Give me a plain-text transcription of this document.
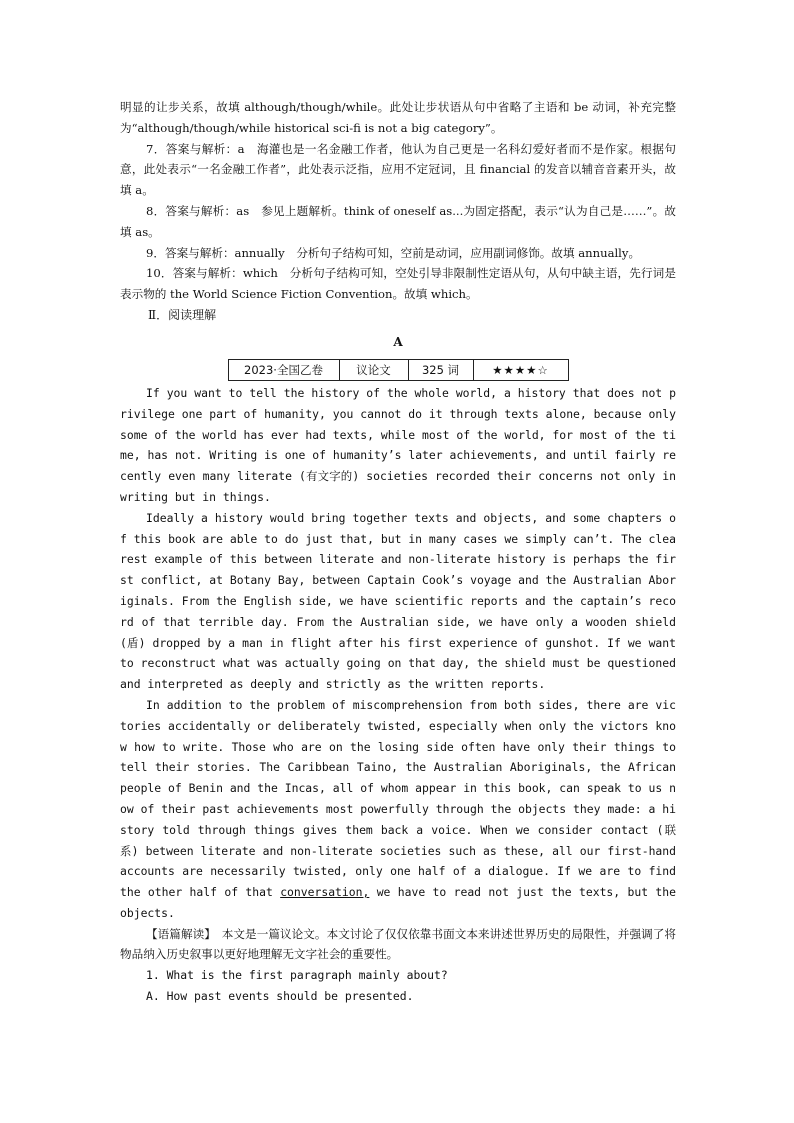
明显的让步关系，故填 although/though/while。此处让步状语从句中省略了主语和 be 动词，补充完整为“although/though/while historical sci-fi is not a big category”。

7．答案与解析：a　海灌也是一名金融工作者，他认为自己更是一名科幻爱好者而不是作家。根据句意，此处表示“一名金融工作者”，此处表示泛指，应用不定冠词，且 financial 的发音以辅音音素开头，故填 a。

8．答案与解析：as　参见上题解析。think of oneself as...为固定搭配，表示“认为自己是……”。故填 as。

9．答案与解析：annually　分析句子结构可知，空前是动词，应用副词修饰。故填 annually。

10．答案与解析：which　分析句子结构可知，空处引导非限制性定语从句，从句中缺主语，先行词是表示物的 the World Science Fiction Convention。故填 which。

Ⅱ．阅读理解
A
2023·全国乙卷	议论文	325 词	★★★★☆

If you want to tell the history of the whole world, a history that does not privilege one part of humanity, you cannot do it through texts alone, because only some of the world has ever had texts, while most of the world, for most of the time, has not. Writing is one of humanity’s later achievements, and until fairly recently even many literate (有文字的) societies recorded their concerns not only in writing but in things.

Ideally a history would bring together texts and objects, and some chapters of this book are able to do just that, but in many cases we simply can’t. The clearest example of this between literate and non-literate history is perhaps the first conflict, at Botany Bay, between Captain Cook’s voyage and the Australian Aboriginals. From the English side, we have scientific reports and the captain’s record of that terrible day. From the Australian side, we have only a wooden shield (盾) dropped by a man in flight after his first experience of gunshot. If we want to reconstruct what was actually going on that day, the shield must be questioned and interpreted as deeply and strictly as the written reports.

In addition to the problem of miscomprehension from both sides, there are victories accidentally or deliberately twisted, especially when only the victors know how to write. Those who are on the losing side often have only their things to tell their stories. The Caribbean Taino, the Australian Aboriginals, the African people of Benin and the Incas, all of whom appear in this book, can speak to us now of their past achievements most powerfully through the objects they made: a history told through things gives them back a voice. When we consider contact (联系) between literate and non-literate societies such as these, all our first-hand accounts are necessarily twisted, only one half of a dialogue. If we are to find the other half of that conversation, we have to read not just the texts, but the objects.

【语篇解读】　本文是一篇议论文。本文讨论了仅仅依靠书面文本来讲述世界历史的局限性，并强调了将物品纳入历史叙事以更好地理解无文字社会的重要性。

1. What is the first paragraph mainly about?

A. How past events should be presented.
